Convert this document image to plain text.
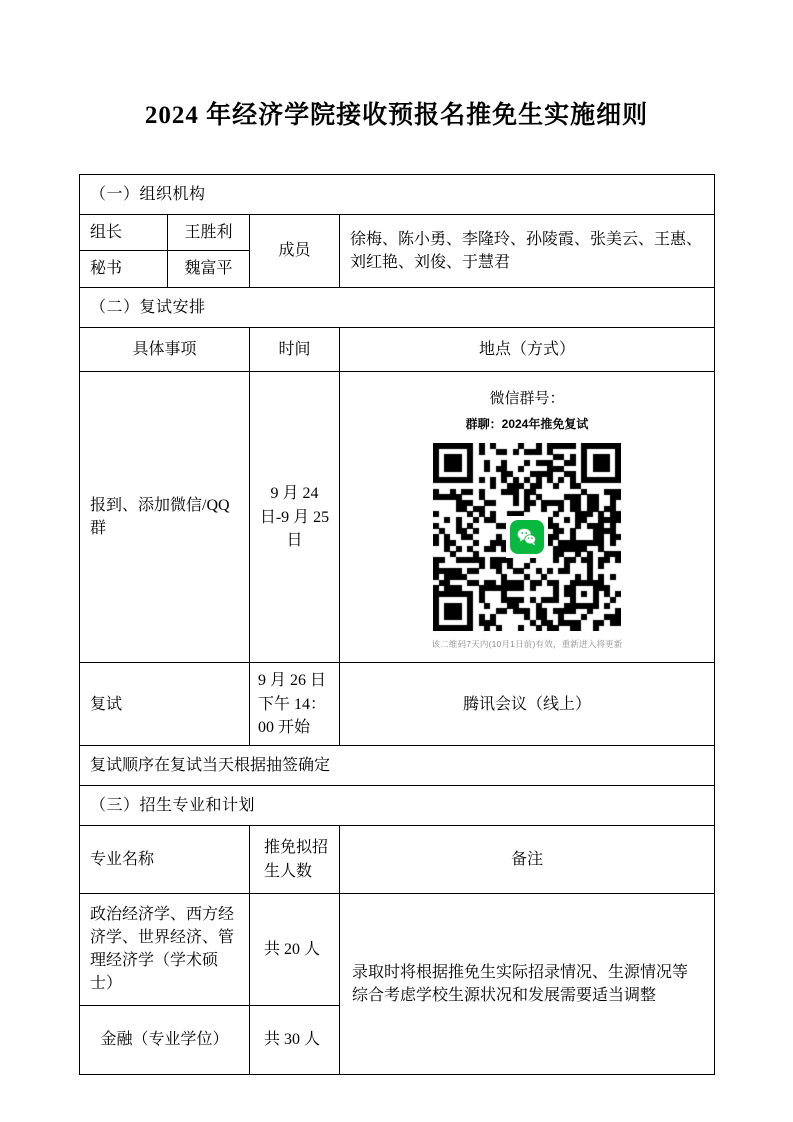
2024 年经济学院接收预报名推免生实施细则
（一）组织机构			
组长	王胜利	成员	徐梅、陈小勇、李隆玲、孙陵霞、张美云、王惠、刘红艳、刘俊、于慧君
秘书	魏富平		
（二）复试安排			
具体事项		时间	地点（方式）
报到、添加微信/QQ群		9 月 24 日-9 月 25 日	微信群号：
群聊：2024年推免复试
该二维码7天内(10月1日前)有效，重新进入将更新

复试		9 月 26 日下午 14：00 开始	腾讯会议（线上）
复试顺序在复试当天根据抽签确定			
（三）招生专业和计划			
专业名称		推免拟招生人数	备注
政治经济学、西方经济学、世界经济、管理经济学（学术硕士）		共 20 人	录取时将根据推免生实际招录情况、生源情况等综合考虑学校生源状况和发展需要适当调整
金融（专业学位）		共 30 人	
